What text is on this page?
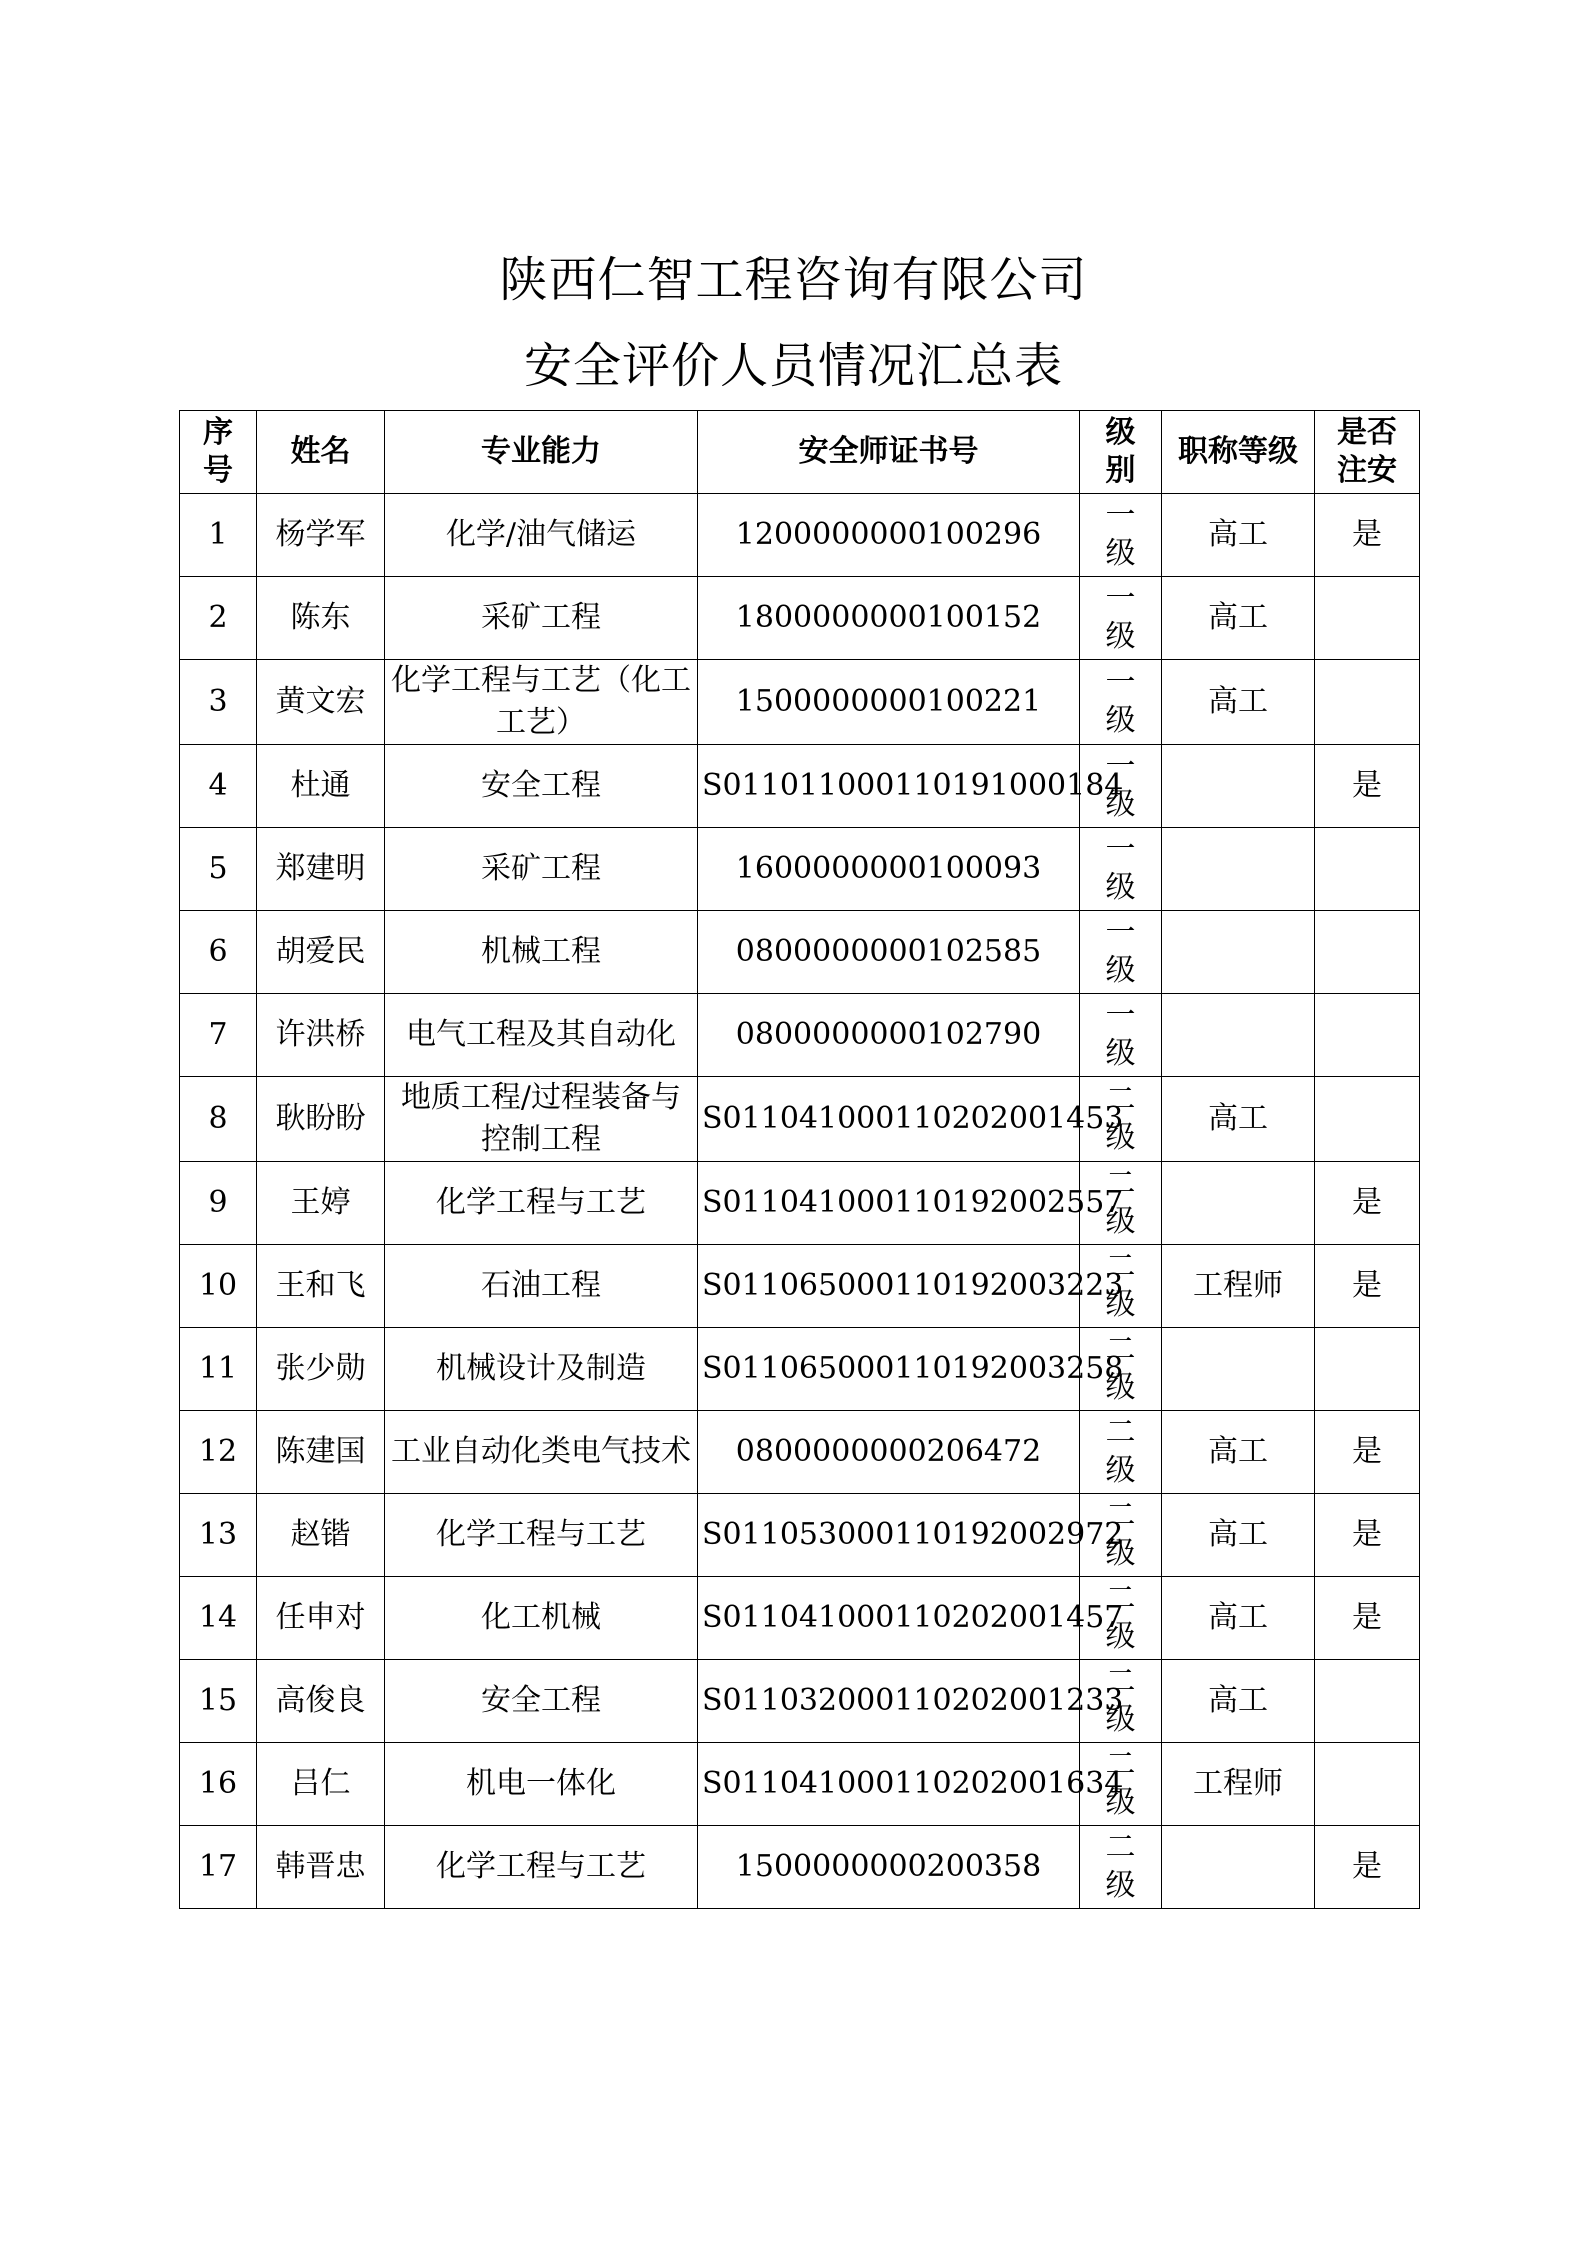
陕西仁智工程咨询有限公司
安全评价人员情况汇总表
序号	姓名	专业能力	安全师证书号	级别	职称等级	是否注安
1	杨学军	化学/油气储运	1200000000100296	一级	高工	是
2	陈东	采矿工程	1800000000100152	一级	高工	
3	黄文宏	化学工程与工艺（化工工艺）	1500000000100221	一级	高工	
4	杜通	安全工程	S011011000110191000184	一级		是
5	郑建明	采矿工程	1600000000100093	一级		
6	胡爱民	机械工程	0800000000102585	一级		
7	许洪桥	电气工程及其自动化	0800000000102790	一级		
8	耿盼盼	地质工程/过程装备与控制工程	S011041000110202001453	二级	高工	
9	王婷	化学工程与工艺	S011041000110192002557	二级		是
10	王和飞	石油工程	S011065000110192003223	二级	工程师	是
11	张少勋	机械设计及制造	S011065000110192003258	二级		
12	陈建国	工业自动化类电气技术	0800000000206472	二级	高工	是
13	赵锴	化学工程与工艺	S011053000110192002972	二级	高工	是
14	任申对	化工机械	S011041000110202001457	二级	高工	是
15	高俊良	安全工程	S011032000110202001233	二级	高工	
16	吕仁	机电一体化	S011041000110202001634	二级	工程师	
17	韩晋忠	化学工程与工艺	1500000000200358	二级		是
